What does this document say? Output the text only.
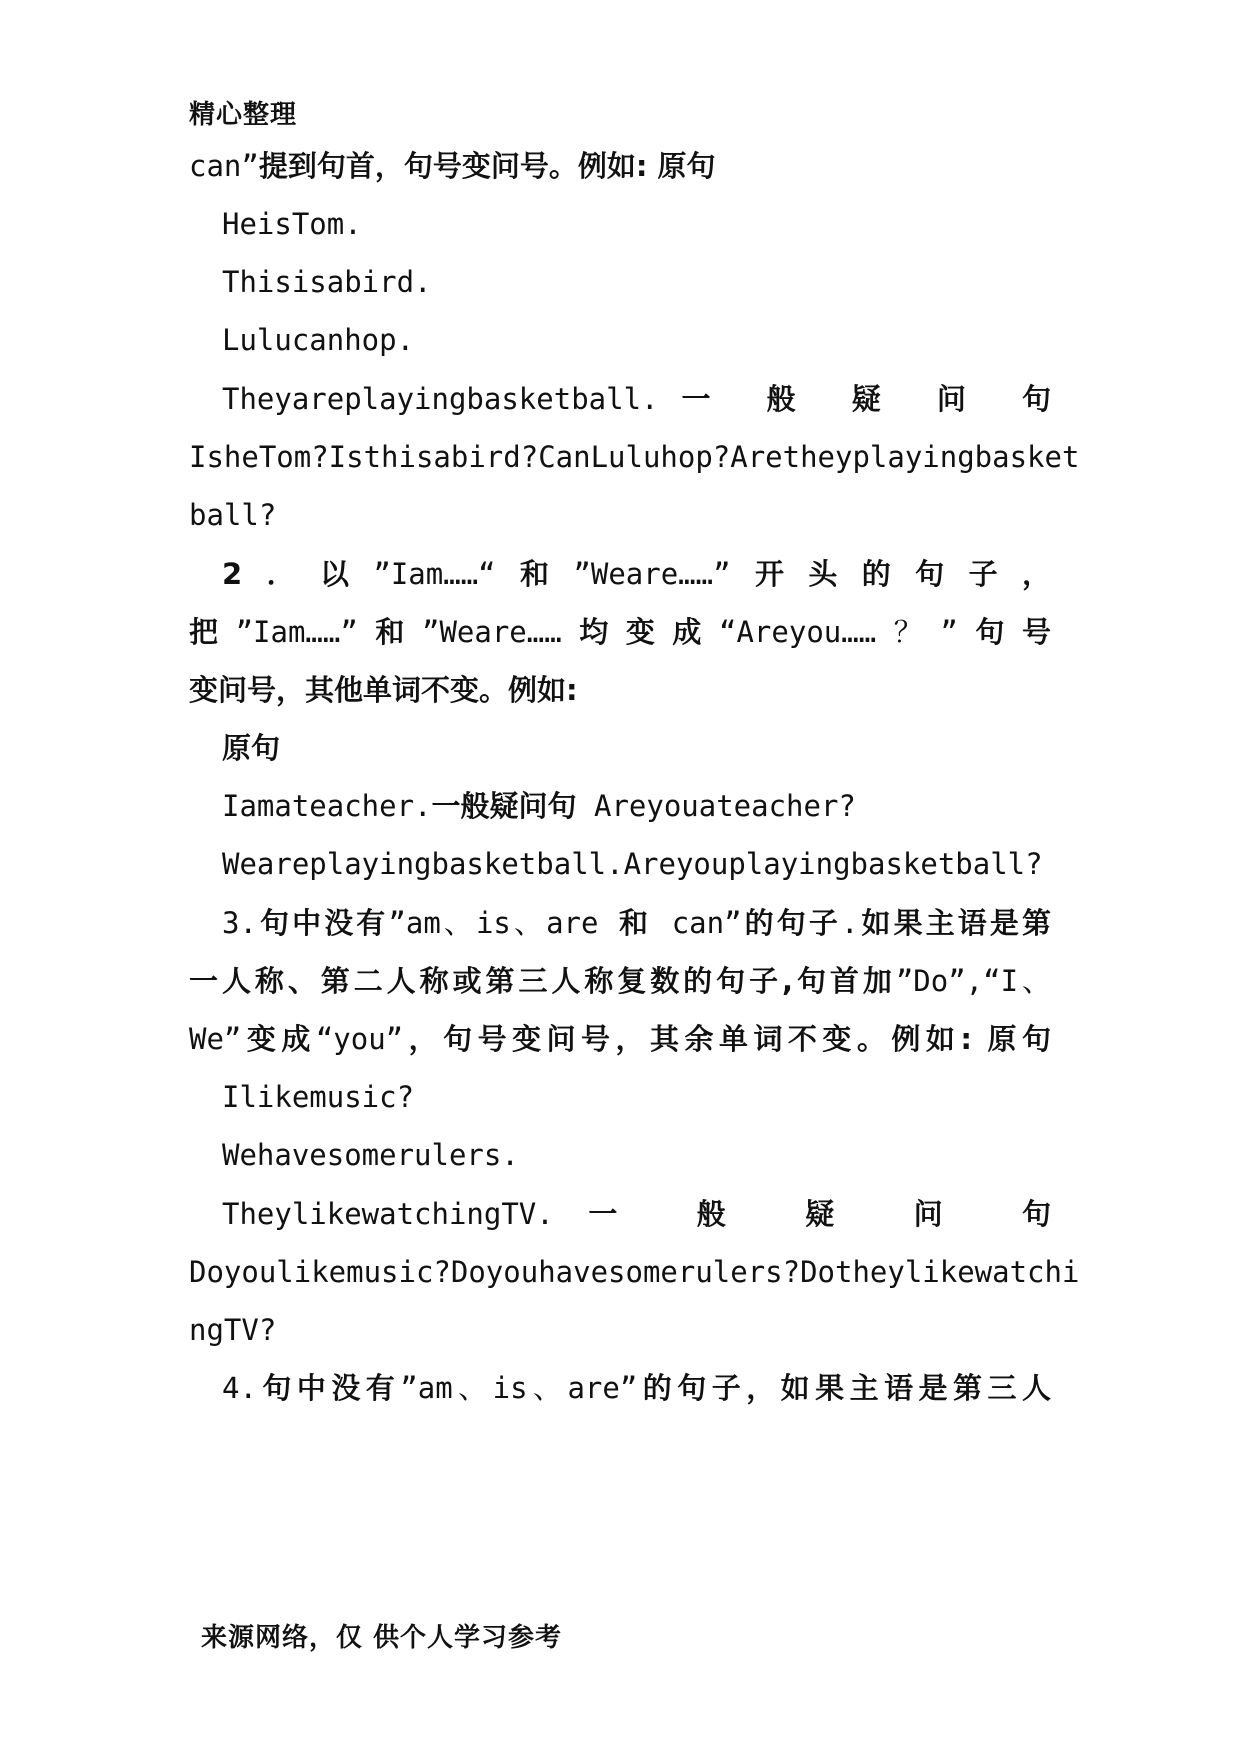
精心整理
can”提到句首，句号变问号。例如: 原句
HeisTom.
Thisisabird.
Lulucanhop.
Theyareplayingbasketball.一 般 疑 问 句
IsheTom?Isthisabird?CanLuluhop?Aretheyplayingbasket
ball?
2．以”Iam……“和”Weare……”开头的句子，
把”Iam……”和”Weare……均变成“Areyou……？”句号
变问号，其他单词不变。例如:
原句
Iamateacher.一般疑问句 Areyouateacher?
Weareplayingbasketball.Areyouplayingbasketball?
3.句中没有”am、is、are 和 can”的句子.如果主语是第
一人称、第二人称或第三人称复数的句子,句首加”Do”,“I、
We”变成“you”，句号变问号，其余单词不变。例如: 原句
Ilikemusic?
Wehavesomerulers.
TheylikewatchingTV.一 般 疑 问 句
Doyoulikemusic?Doyouhavesomerulers?Dotheylikewatchi
ngTV?
4.句中没有”am、is、are”的句子，如果主语是第三人
来源网络，仅 供个人学习参考
